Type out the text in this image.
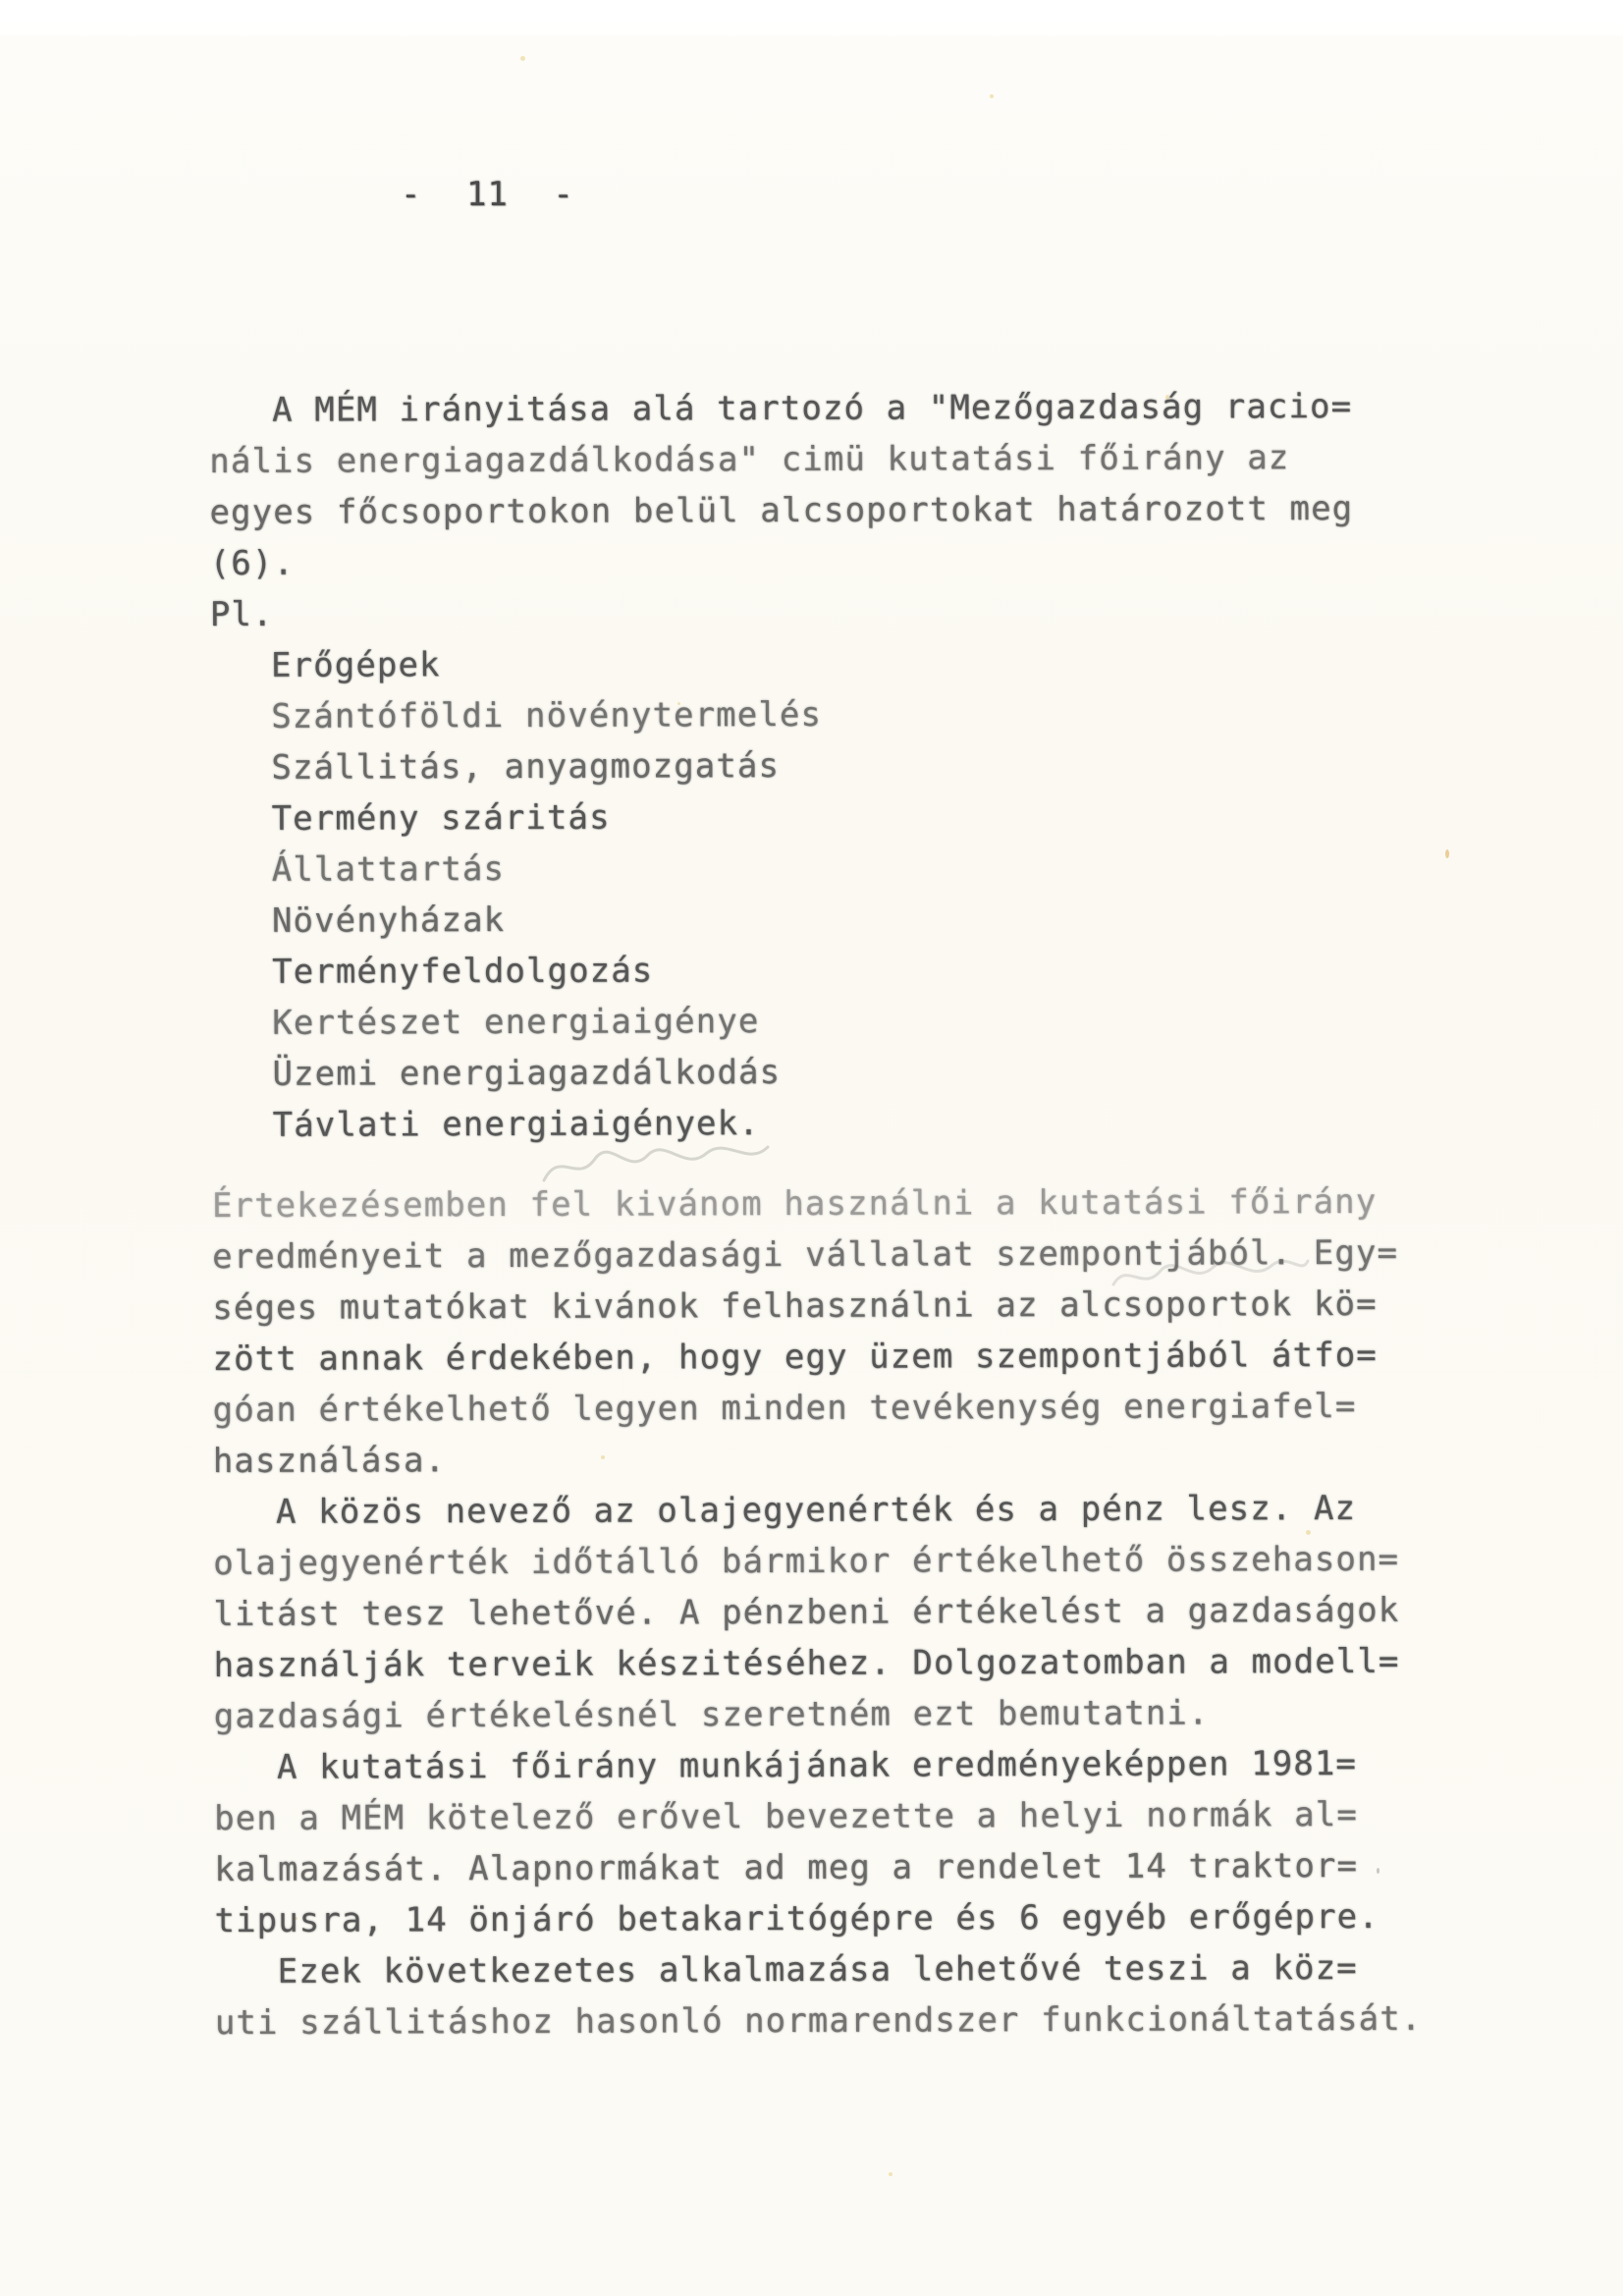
- 11 -
A MÉM irányitása alá tartozó a "Mezőgazdaság racio=
nális energiagazdálkodása" cimü kutatási főirány az
egyes főcsoportokon belül alcsoportokat határozott meg
(6).
Pl.
Erőgépek
Szántóföldi növénytermelés
Szállitás, anyagmozgatás
Termény száritás
Állattartás
Növényházak
Terményfeldolgozás
Kertészet energiaigénye
Üzemi energiagazdálkodás
Távlati energiaigények.
Értekezésemben fel kivánom használni a kutatási főirány
eredményeit a mezőgazdasági vállalat szempontjából. Egy=
séges mutatókat kivánok felhasználni az alcsoportok kö=
zött annak érdekében, hogy egy üzem szempontjából átfo=
góan értékelhető legyen minden tevékenység energiafel=
használása.
A közös nevező az olajegyenérték és a pénz lesz. Az
olajegyenérték időtálló bármikor értékelhető összehason=
litást tesz lehetővé. A pénzbeni értékelést a gazdaságok
használják terveik készitéséhez. Dolgozatomban a modell=
gazdasági értékelésnél szeretném ezt bemutatni.
A kutatási főirány munkájának eredményeképpen 1981=
ben a MÉM kötelező erővel bevezette a helyi normák al=
kalmazását. Alapnormákat ad meg a rendelet 14 traktor=
tipusra, 14 önjáró betakaritógépre és 6 egyéb erőgépre.
Ezek következetes alkalmazása lehetővé teszi a köz=
uti szállitáshoz hasonló normarendszer funkcionáltatását.
